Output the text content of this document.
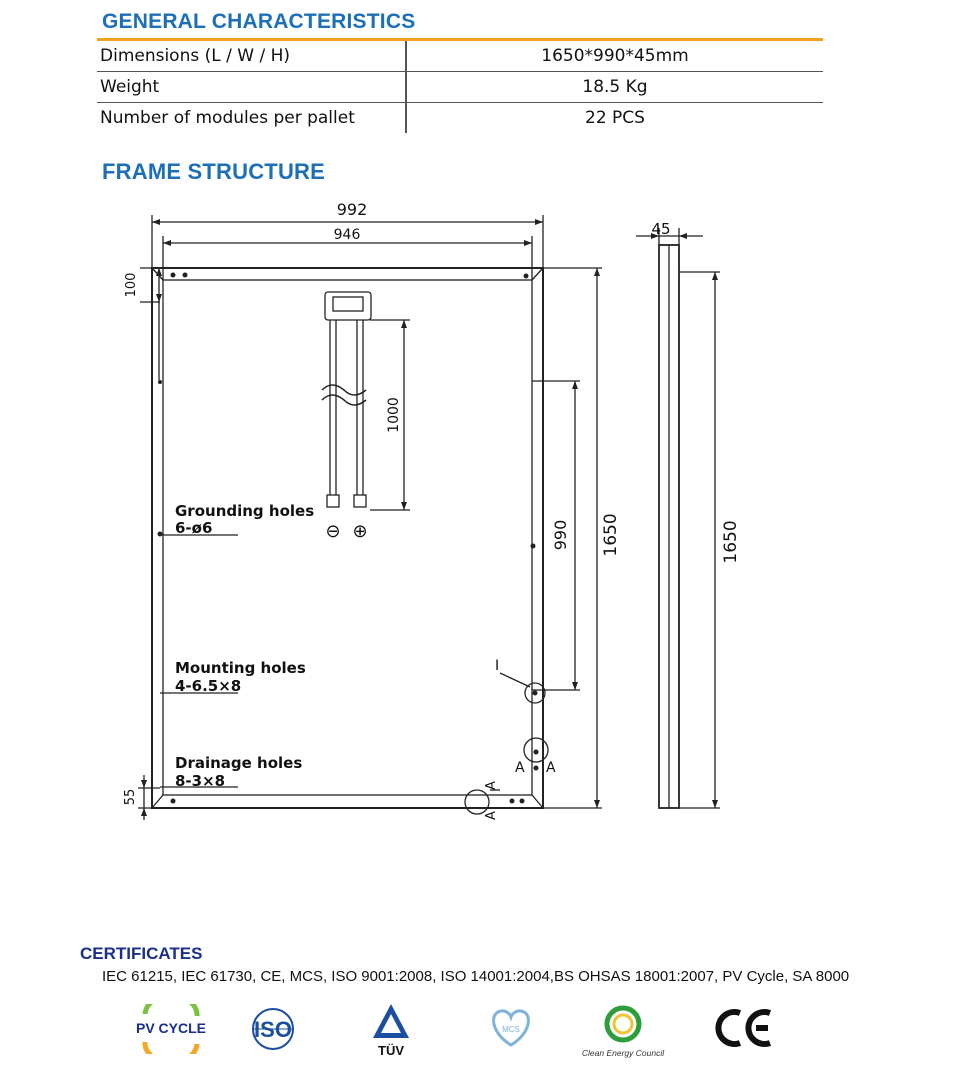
GENERAL CHARACTERISTICS
Dimensions (L / W / H)	1650*990*45mm
Weight	18.5 Kg
Number of modules per pallet	22 PCS
FRAME STRUCTURE
992
946	45
100
1000
990 1650	1650
55
⊖ ⊕
I
A A
A
A
Grounding holes
6-ø6
Mounting holes
4-6.5×8
Drainage holes
8-3×8
CERTIFICATES
IEC 61215, IEC 61730, CE, MCS, ISO 9001:2008, ISO 14001:2004,BS OHSAS 18001:2007, PV Cycle, SA 8000
PV CYCLE ISO
TÜV
MCS
Clean Energy Council
